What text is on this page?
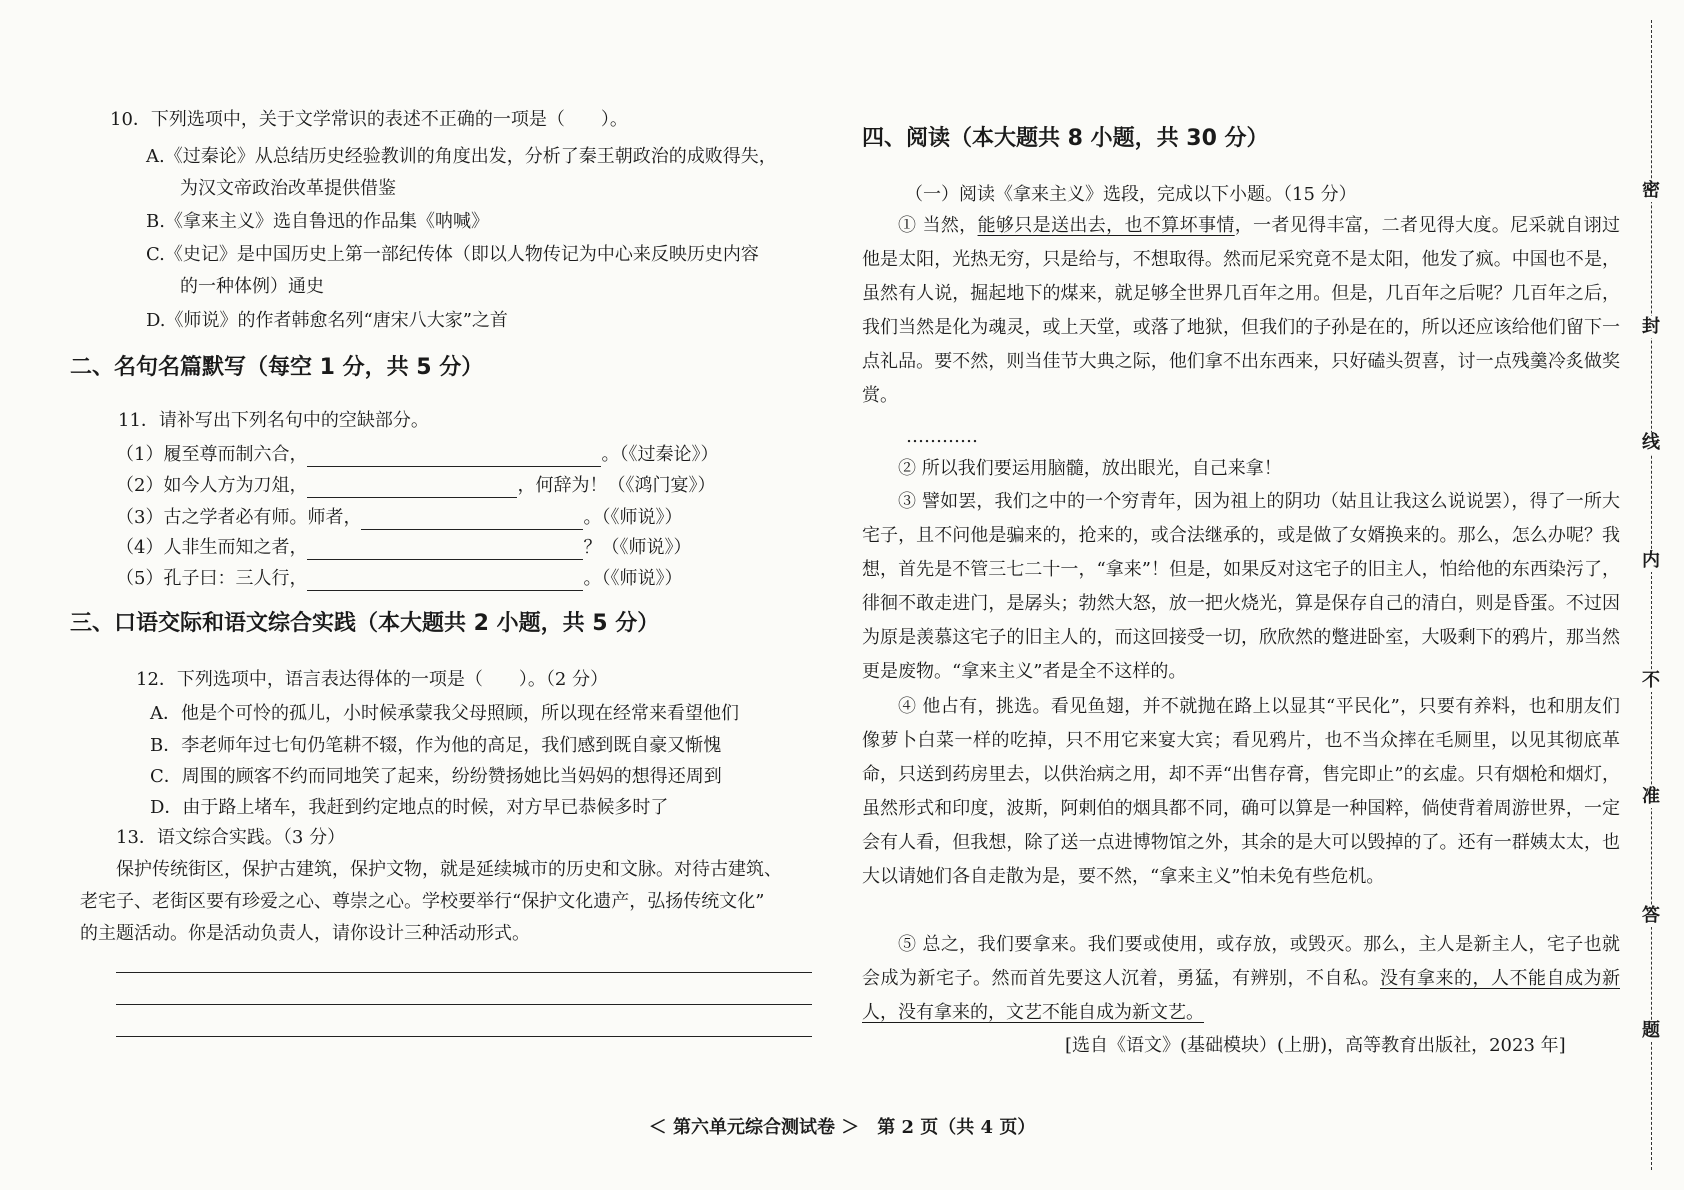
10．下列选项中，关于文学常识的表述不正确的一项是（　　）。
A.《过秦论》从总结历史经验教训的角度出发，分析了秦王朝政治的成败得失，
为汉文帝政治改革提供借鉴
B.《拿来主义》选自鲁迅的作品集《呐喊》
C.《史记》是中国历史上第一部纪传体（即以人物传记为中心来反映历史内容
的一种体例）通史
D.《师说》的作者韩愈名列“唐宋八大家”之首
二、名句名篇默写（每空 1 分，共 5 分）
11．请补写出下列名句中的空缺部分。
（1）履至尊而制六合，	。（《过秦论》）
（2）如今人方为刀俎，	，何辞为！（《鸿门宴》）
（3）古之学者必有师。师者，	。（《师说》）
（4）人非生而知之者，	？（《师说》）
（5）孔子曰：三人行，	。（《师说》）
三、口语交际和语文综合实践（本大题共 2 小题，共 5 分）
12．下列选项中，语言表达得体的一项是（　　）。（2 分）
A．他是个可怜的孤儿，小时候承蒙我父母照顾，所以现在经常来看望他们
B．李老师年过七旬仍笔耕不辍，作为他的高足，我们感到既自豪又惭愧
C．周围的顾客不约而同地笑了起来，纷纷赞扬她比当妈妈的想得还周到
D．由于路上堵车，我赶到约定地点的时候，对方早已恭候多时了
13．语文综合实践。（3 分）
保护传统街区，保护古建筑，保护文物，就是延续城市的历史和文脉。对待古建筑、
老宅子、老街区要有珍爱之心、尊崇之心。学校要举行“保护文化遗产，弘扬传统文化”
的主题活动。你是活动负责人，请你设计三种活动形式。
四、阅读（本大题共 8 小题，共 30 分）
（一）阅读《拿来主义》选段，完成以下小题。（15 分）
① 当然，能够只是送出去，也不算坏事情，一者见得丰富，二者见得大度。尼采就自诩过他是太阳，光热无穷，只是给与，不想取得。然而尼采究竟不是太阳，他发了疯。中国也不是，虽然有人说，掘起地下的煤来，就足够全世界几百年之用。但是，几百年之后呢？几百年之后，我们当然是化为魂灵，或上天堂，或落了地狱，但我们的子孙是在的，所以还应该给他们留下一点礼品。要不然，则当佳节大典之际，他们拿不出东西来，只好磕头贺喜，讨一点残羹冷炙做奖赏。
…………
② 所以我们要运用脑髓，放出眼光，自己来拿！
③ 譬如罢，我们之中的一个穷青年，因为祖上的阴功（姑且让我这么说说罢），得了一所大宅子，且不问他是骗来的，抢来的，或合法继承的，或是做了女婿换来的。那么，怎么办呢？我想，首先是不管三七二十一，“拿来”！但是，如果反对这宅子的旧主人，怕给他的东西染污了，徘徊不敢走进门，是孱头；勃然大怒，放一把火烧光，算是保存自己的清白，则是昏蛋。不过因为原是羡慕这宅子的旧主人的，而这回接受一切，欣欣然的蹩进卧室，大吸剩下的鸦片，那当然更是废物。“拿来主义”者是全不这样的。
④ 他占有，挑选。看见鱼翅，并不就抛在路上以显其“平民化”，只要有养料，也和朋友们像萝卜白菜一样的吃掉，只不用它来宴大宾；看见鸦片，也不当众摔在毛厕里，以见其彻底革命，只送到药房里去，以供治病之用，却不弄“出售存膏，售完即止”的玄虚。只有烟枪和烟灯，虽然形式和印度，波斯，阿剌伯的烟具都不同，确可以算是一种国粹，倘使背着周游世界，一定会有人看，但我想，除了送一点进博物馆之外，其余的是大可以毁掉的了。还有一群姨太太，也大以请她们各自走散为是，要不然，“拿来主义”怕未免有些危机。
⑤ 总之，我们要拿来。我们要或使用，或存放，或毁灭。那么，主人是新主人，宅子也就会成为新宅子。然而首先要这人沉着，勇猛，有辨别，不自私。没有拿来的，人不能自成为新人，没有拿来的，文艺不能自成为新文艺。
[选自《语文》(基础模块）(上册)，高等教育出版社，2023 年]
密
封
线
内
不
准
答
题
＜ 第六单元综合测试卷 ＞　第 2 页（共 4 页）
